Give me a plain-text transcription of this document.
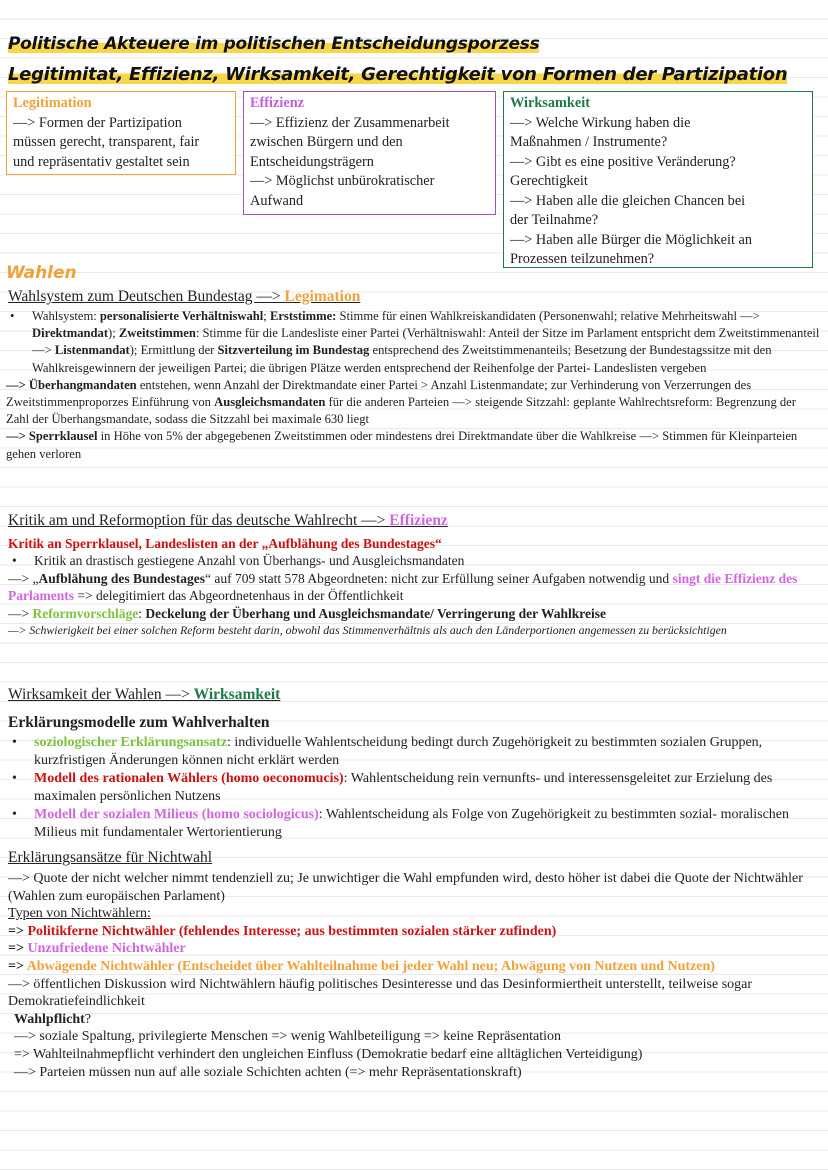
Politische Akteuere im politischen Entscheidungsporzess
Legitimitat, Effizienz, Wirksamkeit, Gerechtigkeit von Formen der Partizipation
Legitimation
—> Formen der Partizipation
müssen gerecht, transparent, fair
und repräsentativ gestaltet sein
Effizienz
—> Effizienz der Zusammenarbeit
zwischen Bürgern und den
Entscheidungsträgern
—> Möglichst unbürokratischer
Aufwand
Wirksamkeit
—> Welche Wirkung haben die
Maßnahmen / Instrumente?
—> Gibt es eine positive Veränderung?
Gerechtigkeit
—> Haben alle die gleichen Chancen bei
der Teilnahme?
—> Haben alle Bürger die Möglichkeit an
Prozessen teilzunehmen?
Wahlen
Wahlsystem zum Deutschen Bundestag —> Legimation
• Wahlsystem: personalisierte Verhältniswahl; Erststimme: Stimme für einen Wahlkreiskandidaten (Personenwahl; relative Mehrheitswahl —> Direktmandat); Zweitstimmen: Stimme für die Landesliste einer Partei (Verhältniswahl: Anteil der Sitze im Parlament entspricht dem Zweitstimmenanteil —> Listenmandat); Ermittlung der Sitzverteilung im Bundestag entsprechend des Zweitstimmenanteils; Besetzung der Bundestagssitze mit den Wahlkreisgewinnern der jeweiligen Partei; die übrigen Plätze werden entsprechend der Reihenfolge der Partei- Landeslisten vergeben
—> Überhangmandaten entstehen, wenn Anzahl der Direktmandate einer Partei > Anzahl Listenmandate; zur Verhinderung von Verzerrungen des Zweitstimmenproporzes Einführung von Ausgleichsmandaten für die anderen Parteien —> steigende Sitzzahl: geplante Wahlrechtsreform: Begrenzung der Zahl der Überhangsmandate, sodass die Sitzzahl bei maximale 630 liegt
—> Sperrklausel in Höhe von 5% der abgegebenen Zweitstimmen oder mindestens drei Direktmandate über die Wahlkreise —> Stimmen für Kleinparteien gehen verloren
Kritik am und Reformoption für das deutsche Wahlrecht —> Effizienz
Kritik an Sperrklausel, Landeslisten an der „Aufblähung des Bundestages“
• Kritik an drastisch gestiegene Anzahl von Überhangs- und Ausgleichsmandaten
—> „Aufblähung des Bundestages“ auf 709 statt 578 Abgeordneten: nicht zur Erfüllung seiner Aufgaben notwendig und singt die Effizienz des Parlaments => delegitimiert das Abgeordnetenhaus in der Öffentlichkeit
—> Reformvorschläge: Deckelung der Überhang und Ausgleichsmandate/ Verringerung der Wahlkreise
—> Schwierigkeit bei einer solchen Reform besteht darin, obwohl das Stimmenverhältnis als auch den Länderportionen angemessen zu berücksichtigen
Wirksamkeit der Wahlen —> Wirksamkeit
Erklärungsmodelle zum Wahlverhalten
• soziologischer Erklärungsansatz: individuelle Wahlentscheidung bedingt durch Zugehörigkeit zu bestimmten sozialen Gruppen, kurzfristigen Änderungen können nicht erklärt werden
• Modell des rationalen Wählers (homo oeconomucis): Wahlentscheidung rein vernunfts- und interessensgeleitet zur Erzielung des maximalen persönlichen Nutzens
• Modell der sozialen Milieus (homo sociologicus): Wahlentscheidung als Folge von Zugehörigkeit zu bestimmten sozial- moralischen Milieus mit fundamentaler Wertorientierung
Erklärungsansätze für Nichtwahl
—> Quote der nicht welcher nimmt tendenziell zu; Je unwichtiger die Wahl empfunden wird, desto höher ist dabei die Quote der Nichtwähler (Wahlen zum europäischen Parlament)
Typen von Nichtwählern:
=> Politikferne Nichtwähler (fehlendes Interesse; aus bestimmten sozialen stärker zufinden)
=> Unzufriedene Nichtwähler
=> Abwägende Nichtwähler (Entscheidet über Wahlteilnahme bei jeder Wahl neu; Abwägung von Nutzen und Nutzen)
—> öffentlichen Diskussion wird Nichtwählern häufig politisches Desinteresse und das Desinformiertheit unterstellt, teilweise sogar Demokratiefeindlichkeit
Wahlpflicht?
—> soziale Spaltung, privilegierte Menschen => wenig Wahlbeteiligung => keine Repräsentation
=> Wahlteilnahmepflicht verhindert den ungleichen Einfluss (Demokratie bedarf eine alltäglichen Verteidigung)
—> Parteien müssen nun auf alle soziale Schichten achten (=> mehr Repräsentationskraft)
